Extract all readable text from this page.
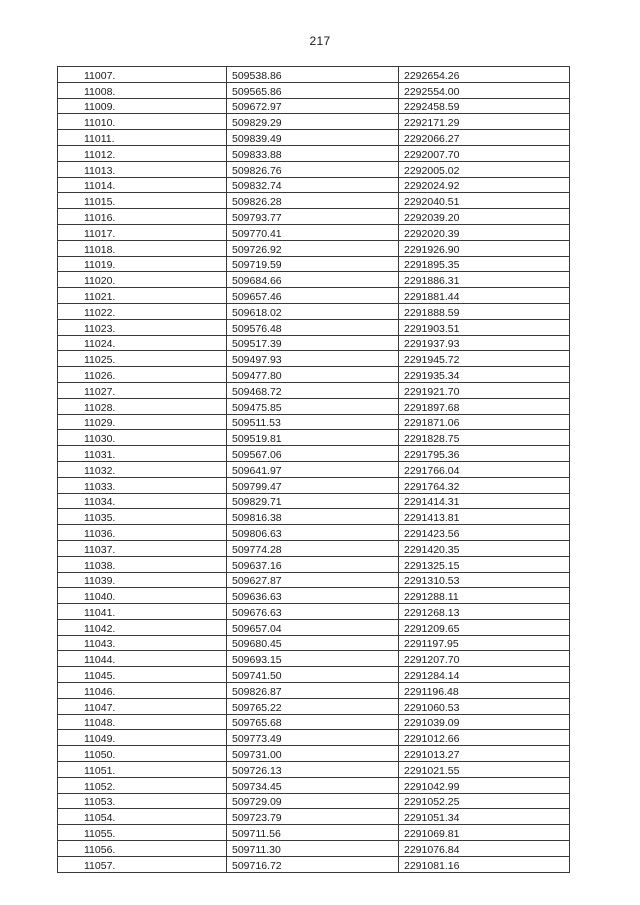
217
11007.	509538.86	2292654.26
11008.	509565.86	2292554.00
11009.	509672.97	2292458.59
11010.	509829.29	2292171.29
11011.	509839.49	2292066.27
11012.	509833.88	2292007.70
11013.	509826.76	2292005.02
11014.	509832.74	2292024.92
11015.	509826.28	2292040.51
11016.	509793.77	2292039.20
11017.	509770.41	2292020.39
11018.	509726.92	2291926.90
11019.	509719.59	2291895.35
11020.	509684.66	2291886.31
11021.	509657.46	2291881.44
11022.	509618.02	2291888.59
11023.	509576.48	2291903.51
11024.	509517.39	2291937.93
11025.	509497.93	2291945.72
11026.	509477.80	2291935.34
11027.	509468.72	2291921.70
11028.	509475.85	2291897.68
11029.	509511.53	2291871.06
11030.	509519.81	2291828.75
11031.	509567.06	2291795.36
11032.	509641.97	2291766.04
11033.	509799.47	2291764.32
11034.	509829.71	2291414.31
11035.	509816.38	2291413.81
11036.	509806.63	2291423.56
11037.	509774.28	2291420.35
11038.	509637.16	2291325.15
11039.	509627.87	2291310.53
11040.	509636.63	2291288.11
11041.	509676.63	2291268.13
11042.	509657.04	2291209.65
11043.	509680.45	2291197.95
11044.	509693.15	2291207.70
11045.	509741.50	2291284.14
11046.	509826.87	2291196.48
11047.	509765.22	2291060.53
11048.	509765.68	2291039.09
11049.	509773.49	2291012.66
11050.	509731.00	2291013.27
11051.	509726.13	2291021.55
11052.	509734.45	2291042.99
11053.	509729.09	2291052.25
11054.	509723.79	2291051.34
11055.	509711.56	2291069.81
11056.	509711.30	2291076.84
11057.	509716.72	2291081.16
